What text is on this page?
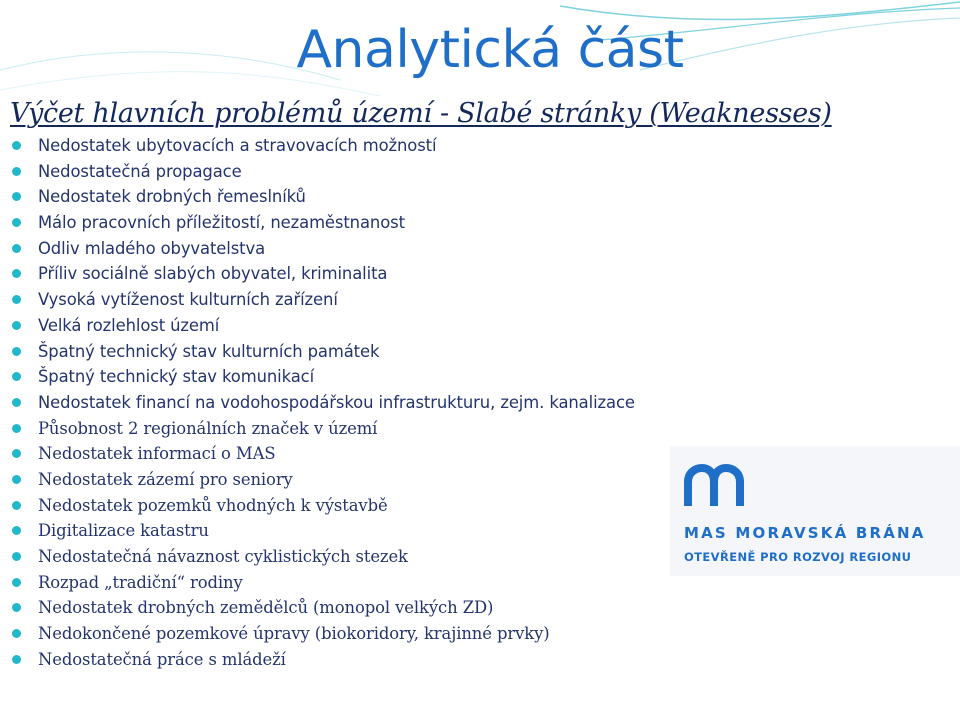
Analytická část
Výčet hlavních problémů území - Slabé stránky (Weaknesses)
Nedostatek ubytovacích a stravovacích možností
Nedostatečná propagace
Nedostatek drobných řemeslníků
Málo pracovních příležitostí, nezaměstnanost
Odliv mladého obyvatelstva
Příliv sociálně slabých obyvatel, kriminalita
Vysoká vytíženost kulturních zařízení
Velká rozlehlost území
Špatný technický stav kulturních památek
Špatný technický stav komunikací
Nedostatek financí na vodohospodářskou infrastrukturu, zejm. kanalizace
Působnost 2 regionálních značek v území
Nedostatek informací o MAS
Nedostatek zázemí pro seniory
Nedostatek pozemků vhodných k výstavbě
Digitalizace katastru
Nedostatečná návaznost cyklistických stezek
Rozpad „tradiční“ rodiny
Nedostatek drobných zemědělců (monopol velkých ZD)
Nedokončené pozemkové úpravy (biokoridory, krajinné prvky)
Nedostatečná práce s mládeží
MAS MORAVSKÁ BRÁNA
OTEVŘENĚ PRO ROZVOJ REGIONU
